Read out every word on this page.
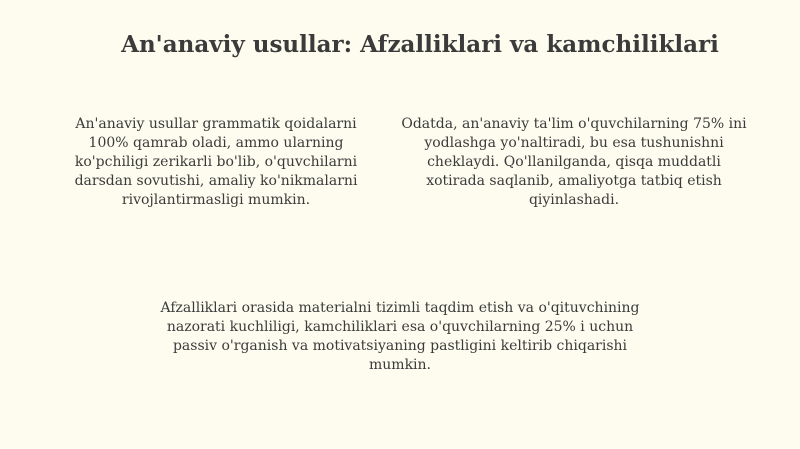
An'anaviy usullar: Afzalliklari va kamchiliklari

An'anaviy usullar grammatik qoidalarni 100% qamrab oladi, ammo ularning ko'pchiligi zerikarli bo'lib, o'quvchilarni darsdan sovutishi, amaliy ko'nikmalarni rivojlantirmasligi mumkin.

Odatda, an'anaviy ta'lim o'quvchilarning 75% ini yodlashga yo'naltiradi, bu esa tushunishni cheklaydi. Qo'llanilganda, qisqa muddatli xotirada saqlanib, amaliyotga tatbiq etish qiyinlashadi.

Afzalliklari orasida materialni tizimli taqdim etish va o'qituvchining nazorati kuchliligi, kamchiliklari esa o'quvchilarning 25% i uchun passiv o'rganish va motivatsiyaning pastligini keltirib chiqarishi mumkin.
